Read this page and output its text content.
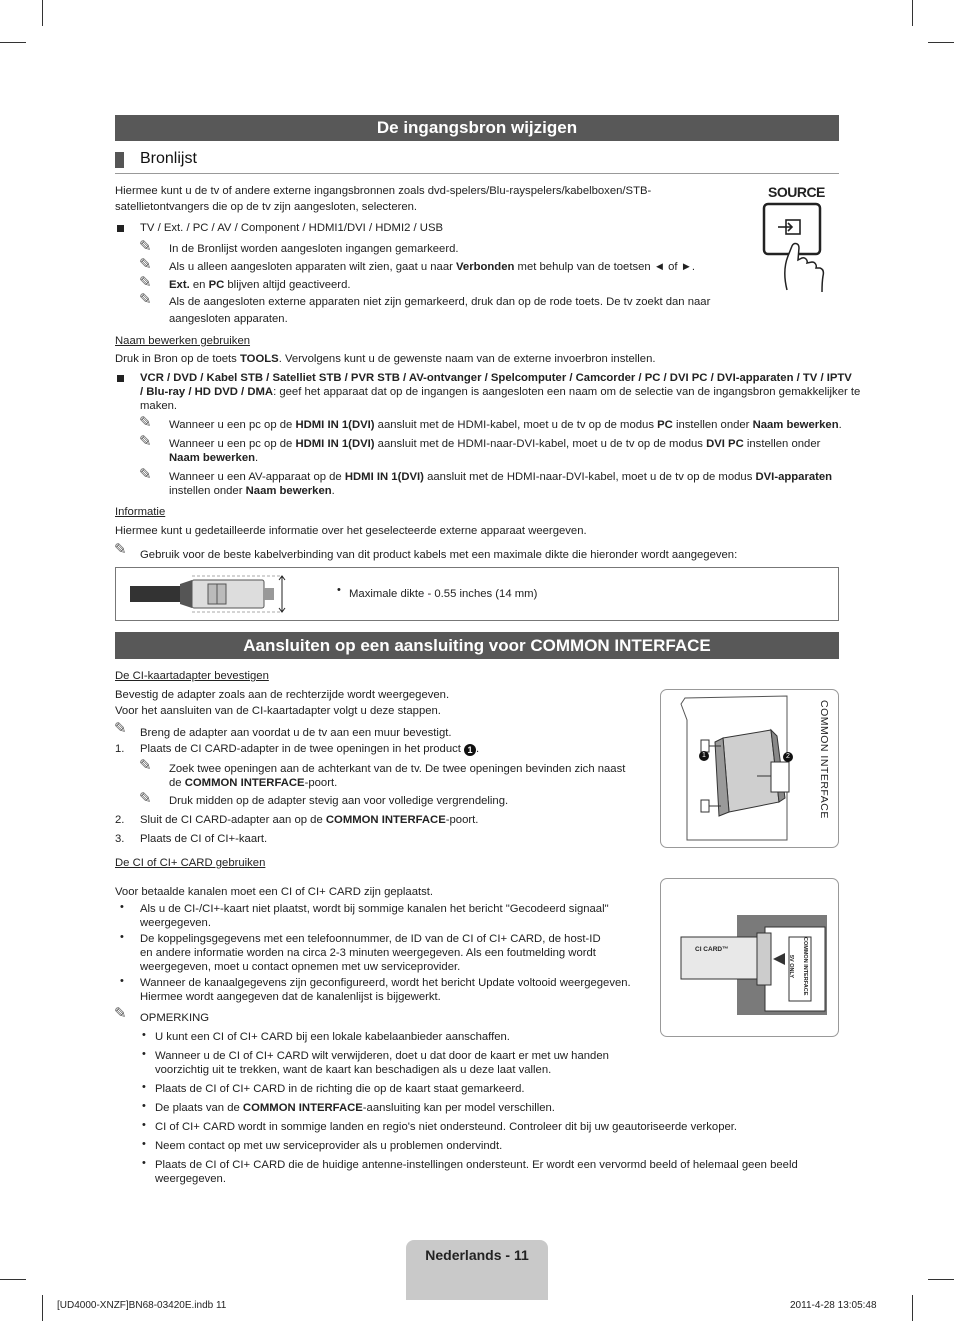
De ingangsbron wijzigen
Bronlijst
Hiermee kunt u de tv of andere externe ingangsbronnen zoals dvd-spelers/Blu-rayspelers/kabelboxen/STB-
satellietontvangers die op de tv zijn aangesloten, selecteren.
TV / Ext. / PC / AV / Component / HDMI1/DVI / HDMI2 / USB
✎ In de Bronlijst worden aangesloten ingangen gemarkeerd.
✎ Als u alleen aangesloten apparaten wilt zien, gaat u naar Verbonden met behulp van de toetsen ◄ of ►.
✎ Ext. en PC blijven altijd geactiveerd.
✎ Als de aangesloten externe apparaten niet zijn gemarkeerd, druk dan op de rode toets. De tv zoekt dan naar
aangesloten apparaten.
SOURCE
Naam bewerken gebruiken
Druk in Bron op de toets TOOLS. Vervolgens kunt u de gewenste naam van de externe invoerbron instellen.
VCR / DVD / Kabel STB / Satelliet STB / PVR STB / AV-ontvanger / Spelcomputer / Camcorder / PC / DVI PC / DVI-apparaten / TV / IPTV
/ Blu-ray / HD DVD / DMA: geef het apparaat dat op de ingangen is aangesloten een naam om de selectie van de ingangsbron gemakkelijker te
maken.
✎ Wanneer u een pc op de HDMI IN 1(DVI) aansluit met de HDMI-kabel, moet u de tv op de modus PC instellen onder Naam bewerken.
✎ Wanneer u een pc op de HDMI IN 1(DVI) aansluit met de HDMI-naar-DVI-kabel, moet u de tv op de modus DVI PC instellen onder
Naam bewerken.
✎ Wanneer u een AV-apparaat op de HDMI IN 1(DVI) aansluit met de HDMI-naar-DVI-kabel, moet u de tv op de modus DVI-apparaten
instellen onder Naam bewerken.
Informatie
Hiermee kunt u gedetailleerde informatie over het geselecteerde externe apparaat weergeven.
✎ Gebruik voor de beste kabelverbinding van dit product kabels met een maximale dikte die hieronder wordt aangegeven:
• Maximale dikte - 0.55 inches (14 mm)
Aansluiten op een aansluiting voor COMMON INTERFACE
De CI-kaartadapter bevestigen
Bevestig de adapter zoals aan de rechterzijde wordt weergegeven.
Voor het aansluiten van de CI-kaartadapter volgt u deze stappen.
✎ Breng de adapter aan voordat u de tv aan een muur bevestigt.
1. Plaats de CI CARD-adapter in de twee openingen in het product 1 .
✎ Zoek twee openingen aan de achterkant van de tv. De twee openingen bevinden zich naast
de COMMON INTERFACE-poort.
✎ Druk midden op de adapter stevig aan voor volledige vergrendeling.
2. Sluit de CI CARD-adapter aan op de COMMON INTERFACE-poort.
3. Plaats de CI of CI+-kaart.
1	2	COMMON INTERFACE
De CI of CI+ CARD gebruiken
Voor betaalde kanalen moet een CI of CI+ CARD zijn geplaatst.
• Als u de CI-/CI+-kaart niet plaatst, wordt bij sommige kanalen het bericht "Gecodeerd signaal"
weergegeven.
• De koppelingsgegevens met een telefoonnummer, de ID van de CI of CI+ CARD, de host-ID
en andere informatie worden na circa 2-3 minuten weergegeven. Als een foutmelding wordt
weergegeven, moet u contact opnemen met uw serviceprovider.
• Wanneer de kanaalgegevens zijn geconfigureerd, wordt het bericht Update voltooid weergegeven.
Hiermee wordt aangegeven dat de kanalenlijst is bijgewerkt.
✎ OPMERKING
• U kunt een CI of CI+ CARD bij een lokale kabelaanbieder aanschaffen.
• Wanneer u de CI of CI+ CARD wilt verwijderen, doet u dat door de kaart er met uw handen
voorzichtig uit te trekken, want de kaart kan beschadigen als u deze laat vallen.
• Plaats de CI of CI+ CARD in de richting die op de kaart staat gemarkeerd.
• De plaats van de COMMON INTERFACE-aansluiting kan per model verschillen.
• CI of CI+ CARD wordt in sommige landen en regio's niet ondersteund. Controleer dit bij uw geautoriseerde verkoper.
• Neem contact op met uw serviceprovider als u problemen ondervindt.
• Plaats de CI of CI+ CARD die de huidige antenne-instellingen ondersteunt. Er wordt een vervormd beeld of helemaal geen beeld
weergegeven.
CI CARD™	COMMON INTERFACE
5V ONLY
Nederlands - 11
[UD4000-XNZF]BN68-03420E.indb 11	2011-4-28 13:05:48
